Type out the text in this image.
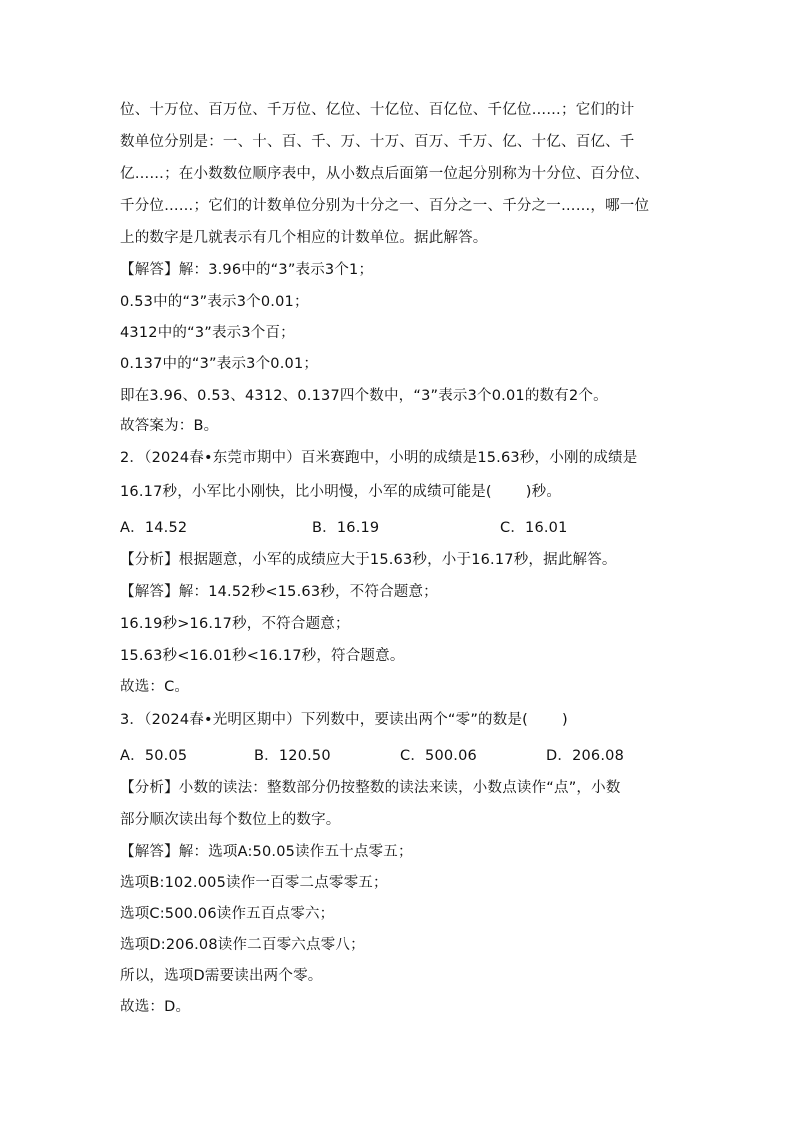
位、十万位、百万位、千万位、亿位、十亿位、百亿位、千亿位……；它们的计
数单位分别是：一、十、百、千、万、十万、百万、千万、亿、十亿、百亿、千
亿……；在小数数位顺序表中，从小数点后面第一位起分别称为十分位、百分位、
千分位……；它们的计数单位分别为十分之一、百分之一、千分之一……，哪一位
上的数字是几就表示有几个相应的计数单位。据此解答。
【解答】解：3.96中的“3”表示3个1；
0.53中的“3”表示3个0.01；
4312中的“3”表示3个百；
0.137中的“3”表示3个0.01；
即在3.96、0.53、4312、0.137四个数中，“3”表示3个0.01的数有2个。
故答案为：B。
2．（2024春•东莞市期中）百米赛跑中，小明的成绩是15.63秒，小刚的成绩是
16.17秒，小军比小刚快，比小明慢，小军的成绩可能是( )秒。
A．14.52	B．16.19	C．16.01
【分析】根据题意，小军的成绩应大于15.63秒，小于16.17秒，据此解答。
【解答】解：14.52秒<15.63秒，不符合题意；
16.19秒>16.17秒，不符合题意；
15.63秒<16.01秒<16.17秒，符合题意。
故选：C。
3．（2024春•光明区期中）下列数中，要读出两个“零”的数是( )
A．50.05	B．120.50	C．500.06	D．206.08
【分析】小数的读法：整数部分仍按整数的读法来读，小数点读作“点”，小数
部分顺次读出每个数位上的数字。
【解答】解：选项A:50.05读作五十点零五；
选项B:102.005读作一百零二点零零五；
选项C:500.06读作五百点零六；
选项D:206.08读作二百零六点零八；
所以，选项D需要读出两个零。
故选：D。
